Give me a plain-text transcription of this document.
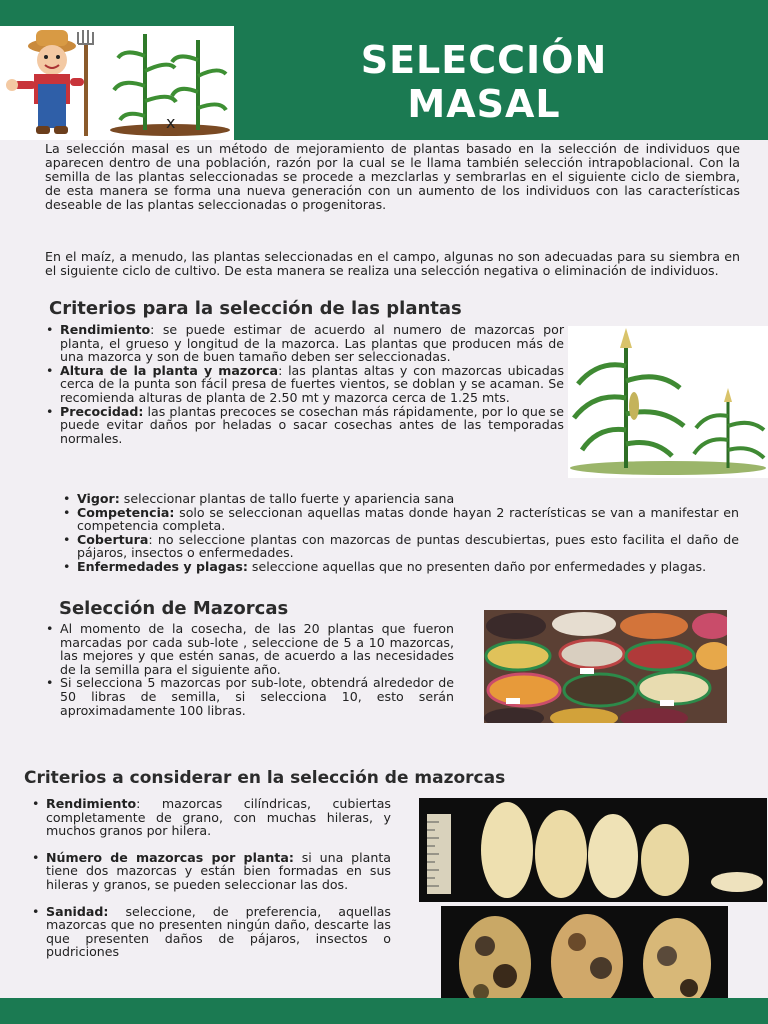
x
SELECCIÓN
MASAL

La selección masal es un método de mejoramiento de plantas basado en la selección de individuos que aparecen dentro de una población, razón por la cual se le llama también selección intrapoblacional. Con la semilla de las plantas seleccionadas se procede a mezclarlas y sembrarlas en el siguiente ciclo de siembra, de esta manera se forma una nueva generación con un aumento de los individuos con las características deseable de las plantas seleccionadas o progenitoras.

En el maíz, a menudo, las plantas seleccionadas en el campo, algunas no son adecuadas para su siembra en el siguiente ciclo de cultivo. De esta manera se realiza una selección negativa o eliminación de individuos.

Criterios para la selección de las plantas
• Rendimiento: se puede estimar de acuerdo al numero de mazorcas por planta, el grueso y longitud de la mazorca. Las plantas que producen más de una mazorca y son de buen tamaño deben ser seleccionadas.
• Altura de la planta y mazorca: las plantas altas y con mazorcas ubicadas cerca de la punta son fácil presa de fuertes vientos, se doblan y se acaman. Se recomienda alturas de planta de 2.50 mt y mazorca cerca de 1.25 mts.
• Precocidad: las plantas precoces se cosechan más rápidamente, por lo que se puede evitar daños por heladas o sacar cosechas antes de las temporadas normales.
• Vigor: seleccionar plantas de tallo fuerte y apariencia sana
• Competencia: solo se seleccionan aquellas matas donde hayan 2 racterísticas se van a manifestar en competencia completa.
• Cobertura: no seleccione plantas con mazorcas de puntas descubiertas, pues esto facilita el daño de pájaros, insectos o enfermedades.
• Enfermedades y plagas: seleccione aquellas que no presenten daño por enfermedades y plagas.
Selección de Mazorcas
• Al momento de la cosecha, de las 20 plantas que fueron marcadas por cada sub-lote , seleccione de 5 a 10 mazorcas, las mejores y que estén sanas, de acuerdo a las necesidades de la semilla para el siguiente año.
• Si selecciona 5 mazorcas por sub-lote, obtendrá alrededor de 50 libras de semilla, si selecciona 10, esto serán aproximadamente 100 libras.
Criterios a considerar en la selección de mazorcas
• Rendimiento: mazorcas cilíndricas, cubiertas completamente de grano, con muchas hileras, y muchos granos por hilera.
• Número de mazorcas por planta: si una planta tiene dos mazorcas y están bien formadas en sus hileras y granos, se pueden seleccionar las dos.
• Sanidad: seleccione, de preferencia, aquellas mazorcas que no presenten ningún daño, descarte las que presenten daños de pájaros, insectos o pudriciones
